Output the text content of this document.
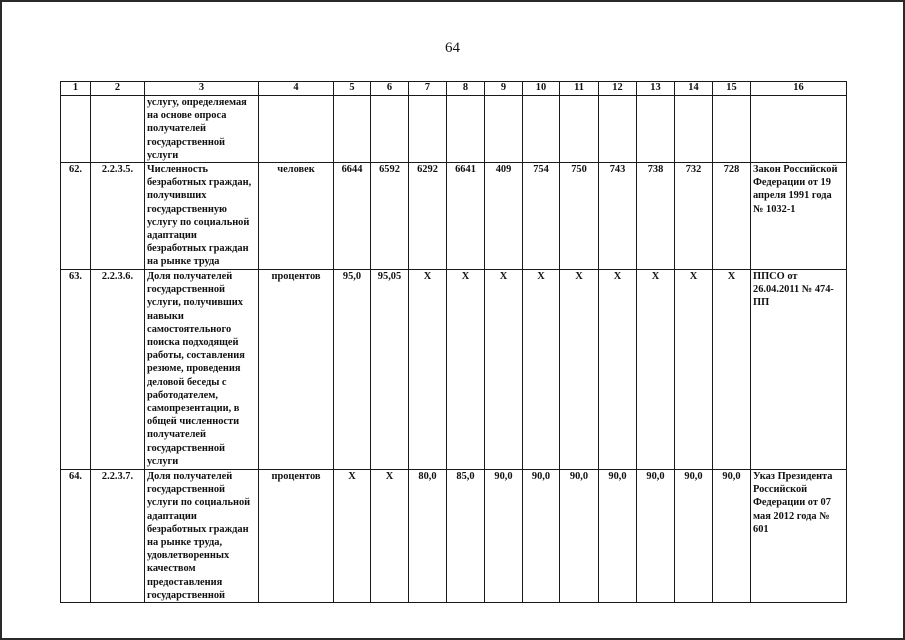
64
1	2	3	4	5	6	7	8	9	10	11	12	13	14	15	16
		услугу, определяемая на основе опроса получателей государственной услуги													
62.	2.2.3.5.	Численность безработных граждан, получивших государственную услугу по социальной адаптации безработных граждан на рынке труда	человек	6644	6592	6292	6641	409	754	750	743	738	732	728	Закон Российской Федерации от 19 апреля 1991 года № 1032-1
63.	2.2.3.6.	Доля получателей государственной услуги, получивших навыки самостоятельного поиска подходящей работы, составления резюме, проведения деловой беседы с работодателем, самопрезентации, в общей численности получателей государственной услуги	процентов	95,0	95,05	Х	Х	Х	Х	Х	Х	Х	Х	Х	ППСО от 26.04.2011 № 474-ПП
64.	2.2.3.7.	Доля получателей государственной услуги по социальной адаптации безработных граждан на рынке труда, удовлетворенных качеством предоставления государственной	процентов	Х	Х	80,0	85,0	90,0	90,0	90,0	90,0	90,0	90,0	90,0	Указ Президента Российской Федерации от 07 мая 2012 года № 601
